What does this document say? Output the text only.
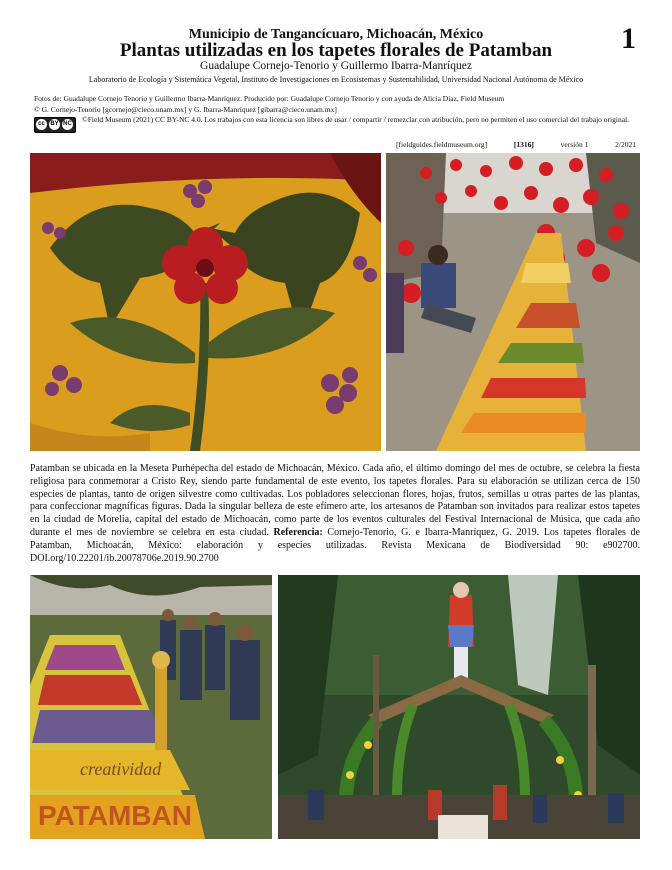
1
Municipio de Tangancícuaro, Michoacán, México
Plantas utilizadas en los tapetes florales de Patamban
Guadalupe Cornejo-Tenorio y Guillermo Ibarra-Manríquez
Laboratorio de Ecología y Sistemática Vegetal, Instituto de Investigaciones en Ecosistemas y Sustentabilidad, Universidad Nacional Autónoma de México
Fotos de: Guadalupe Cornejo Tenorio y Guillermo Ibarra-Manríquez. Producido por: Guadalupe Cornejo Tenorio y con ayuda de Alicia Díaz, Field Museum
© G. Cornejo-Tenorio [gcornejo@cieco.unam.mx] y G. Ibarra-Manríquez [gibarra@cieco.unam.mx]
cc BY NC ©Field Museum (2021) CC BY-NC 4.0. Los trabajos con esta licencia son libres de usar / compartir / remezclar con atribución, pero no permiten el uso comercial del trabajo original.
[fieldguides.fieldmuseum.org]	[1316]	versión 1	2/2021
Patamban se ubicada en la Meseta Purhépecha del estado de Michoacán, México. Cada año, el último domingo del mes de octubre, se celebra la fiesta religiosa para conmemorar a Cristo Rey, siendo parte fundamental de este evento, los tapetes florales. Para su elaboración se utilizan cerca de 150 especies de plantas, tanto de origen silvestre como cultivadas. Los pobladores seleccionan flores, hojas, frutos, semillas u otras partes de las plantas, para confeccionar magníficas figuras. Dada la singular belleza de este efímero arte, los artesanos de Patamban son invitados para realizar estos tapetes en la ciudad de Morelia, capital del estado de Michoacán, como parte de los eventos culturales del Festival Internacional de Música, que cada año durante el mes de noviembre se celebra en esta ciudad. Referencia: Cornejo-Tenorio, G. e Ibarra-Manríquez, G. 2019. Los tapetes florales de Patamban, Michoacán, México: elaboración y especies utilizadas. Revista Mexicana de Biodiversidad 90: e902700. DOI.org/10.22201/ib.20078706e.2019.90.2700
creatividad
PATAMBAN
